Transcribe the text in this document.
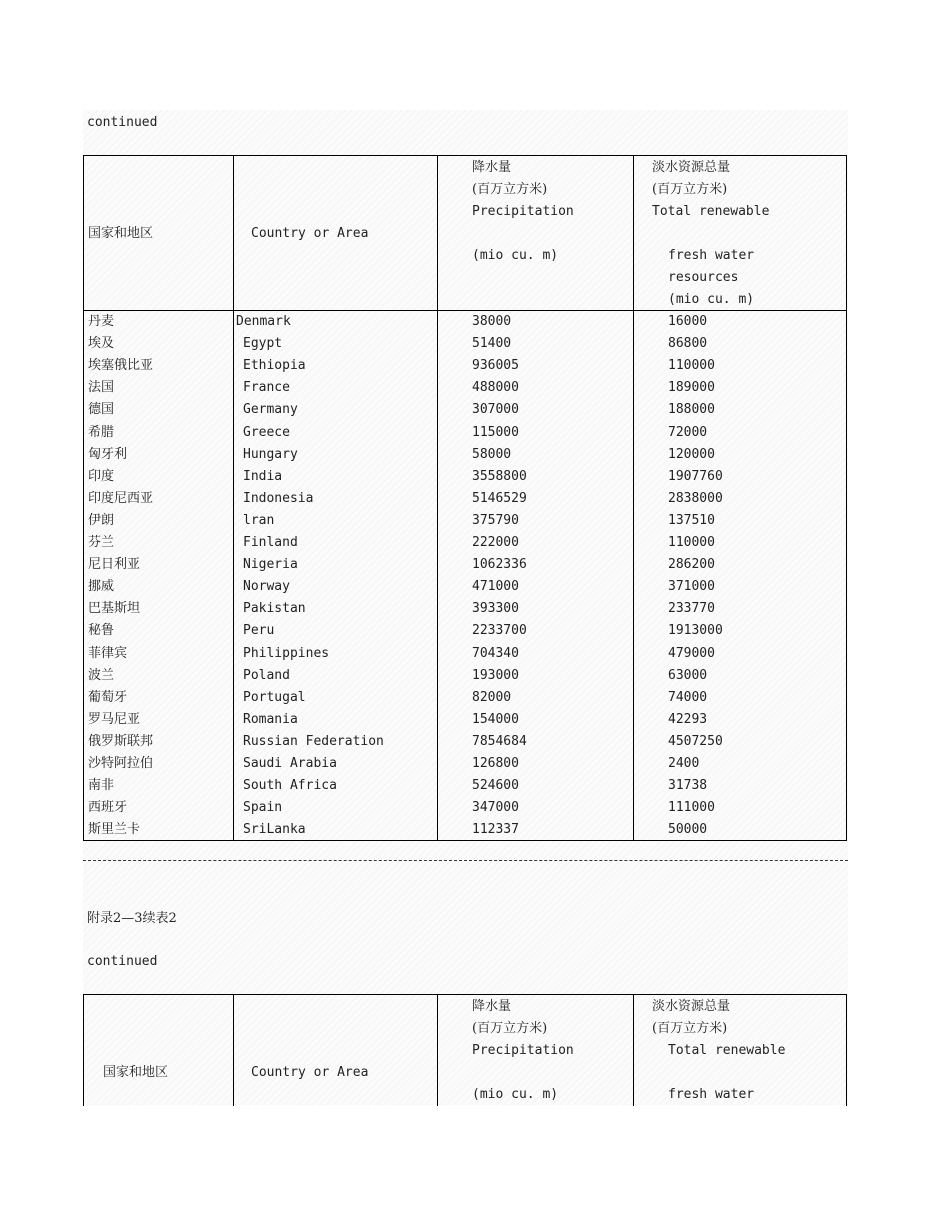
continued
国家和地区	Country or Area
降水量
(百万立方米)
Precipitation
(mio cu. m)
淡水资源总量
(百万立方米)
Total renewable
fresh water
resources
(mio cu. m)
丹麦	Denmark	38000	16000
埃及	Egypt	51400	86800
埃塞俄比亚	Ethiopia	936005	110000
法国	France	488000	189000
德国	Germany	307000	188000
希腊	Greece	115000	72000
匈牙利	Hungary	58000	120000
印度	India	3558800	1907760
印度尼西亚	Indonesia	5146529	2838000
伊朗	lran	375790	137510
芬兰	Finland	222000	110000
尼日利亚	Nigeria	1062336	286200
挪威	Norway	471000	371000
巴基斯坦	Pakistan	393300	233770
秘鲁	Peru	2233700	1913000
菲律宾	Philippines	704340	479000
波兰	Poland	193000	63000
葡萄牙	Portugal	82000	74000
罗马尼亚	Romania	154000	42293
俄罗斯联邦	Russian Federation	7854684	4507250
沙特阿拉伯	Saudi Arabia	126800	2400
南非	South Africa	524600	31738
西班牙	Spain	347000	111000
斯里兰卡	SriLanka	112337	50000
附录2—3续表2
continued
国家和地区	Country or Area
降水量
(百万立方米)
Precipitation
(mio cu. m)
淡水资源总量
(百万立方米)
Total renewable
fresh water
